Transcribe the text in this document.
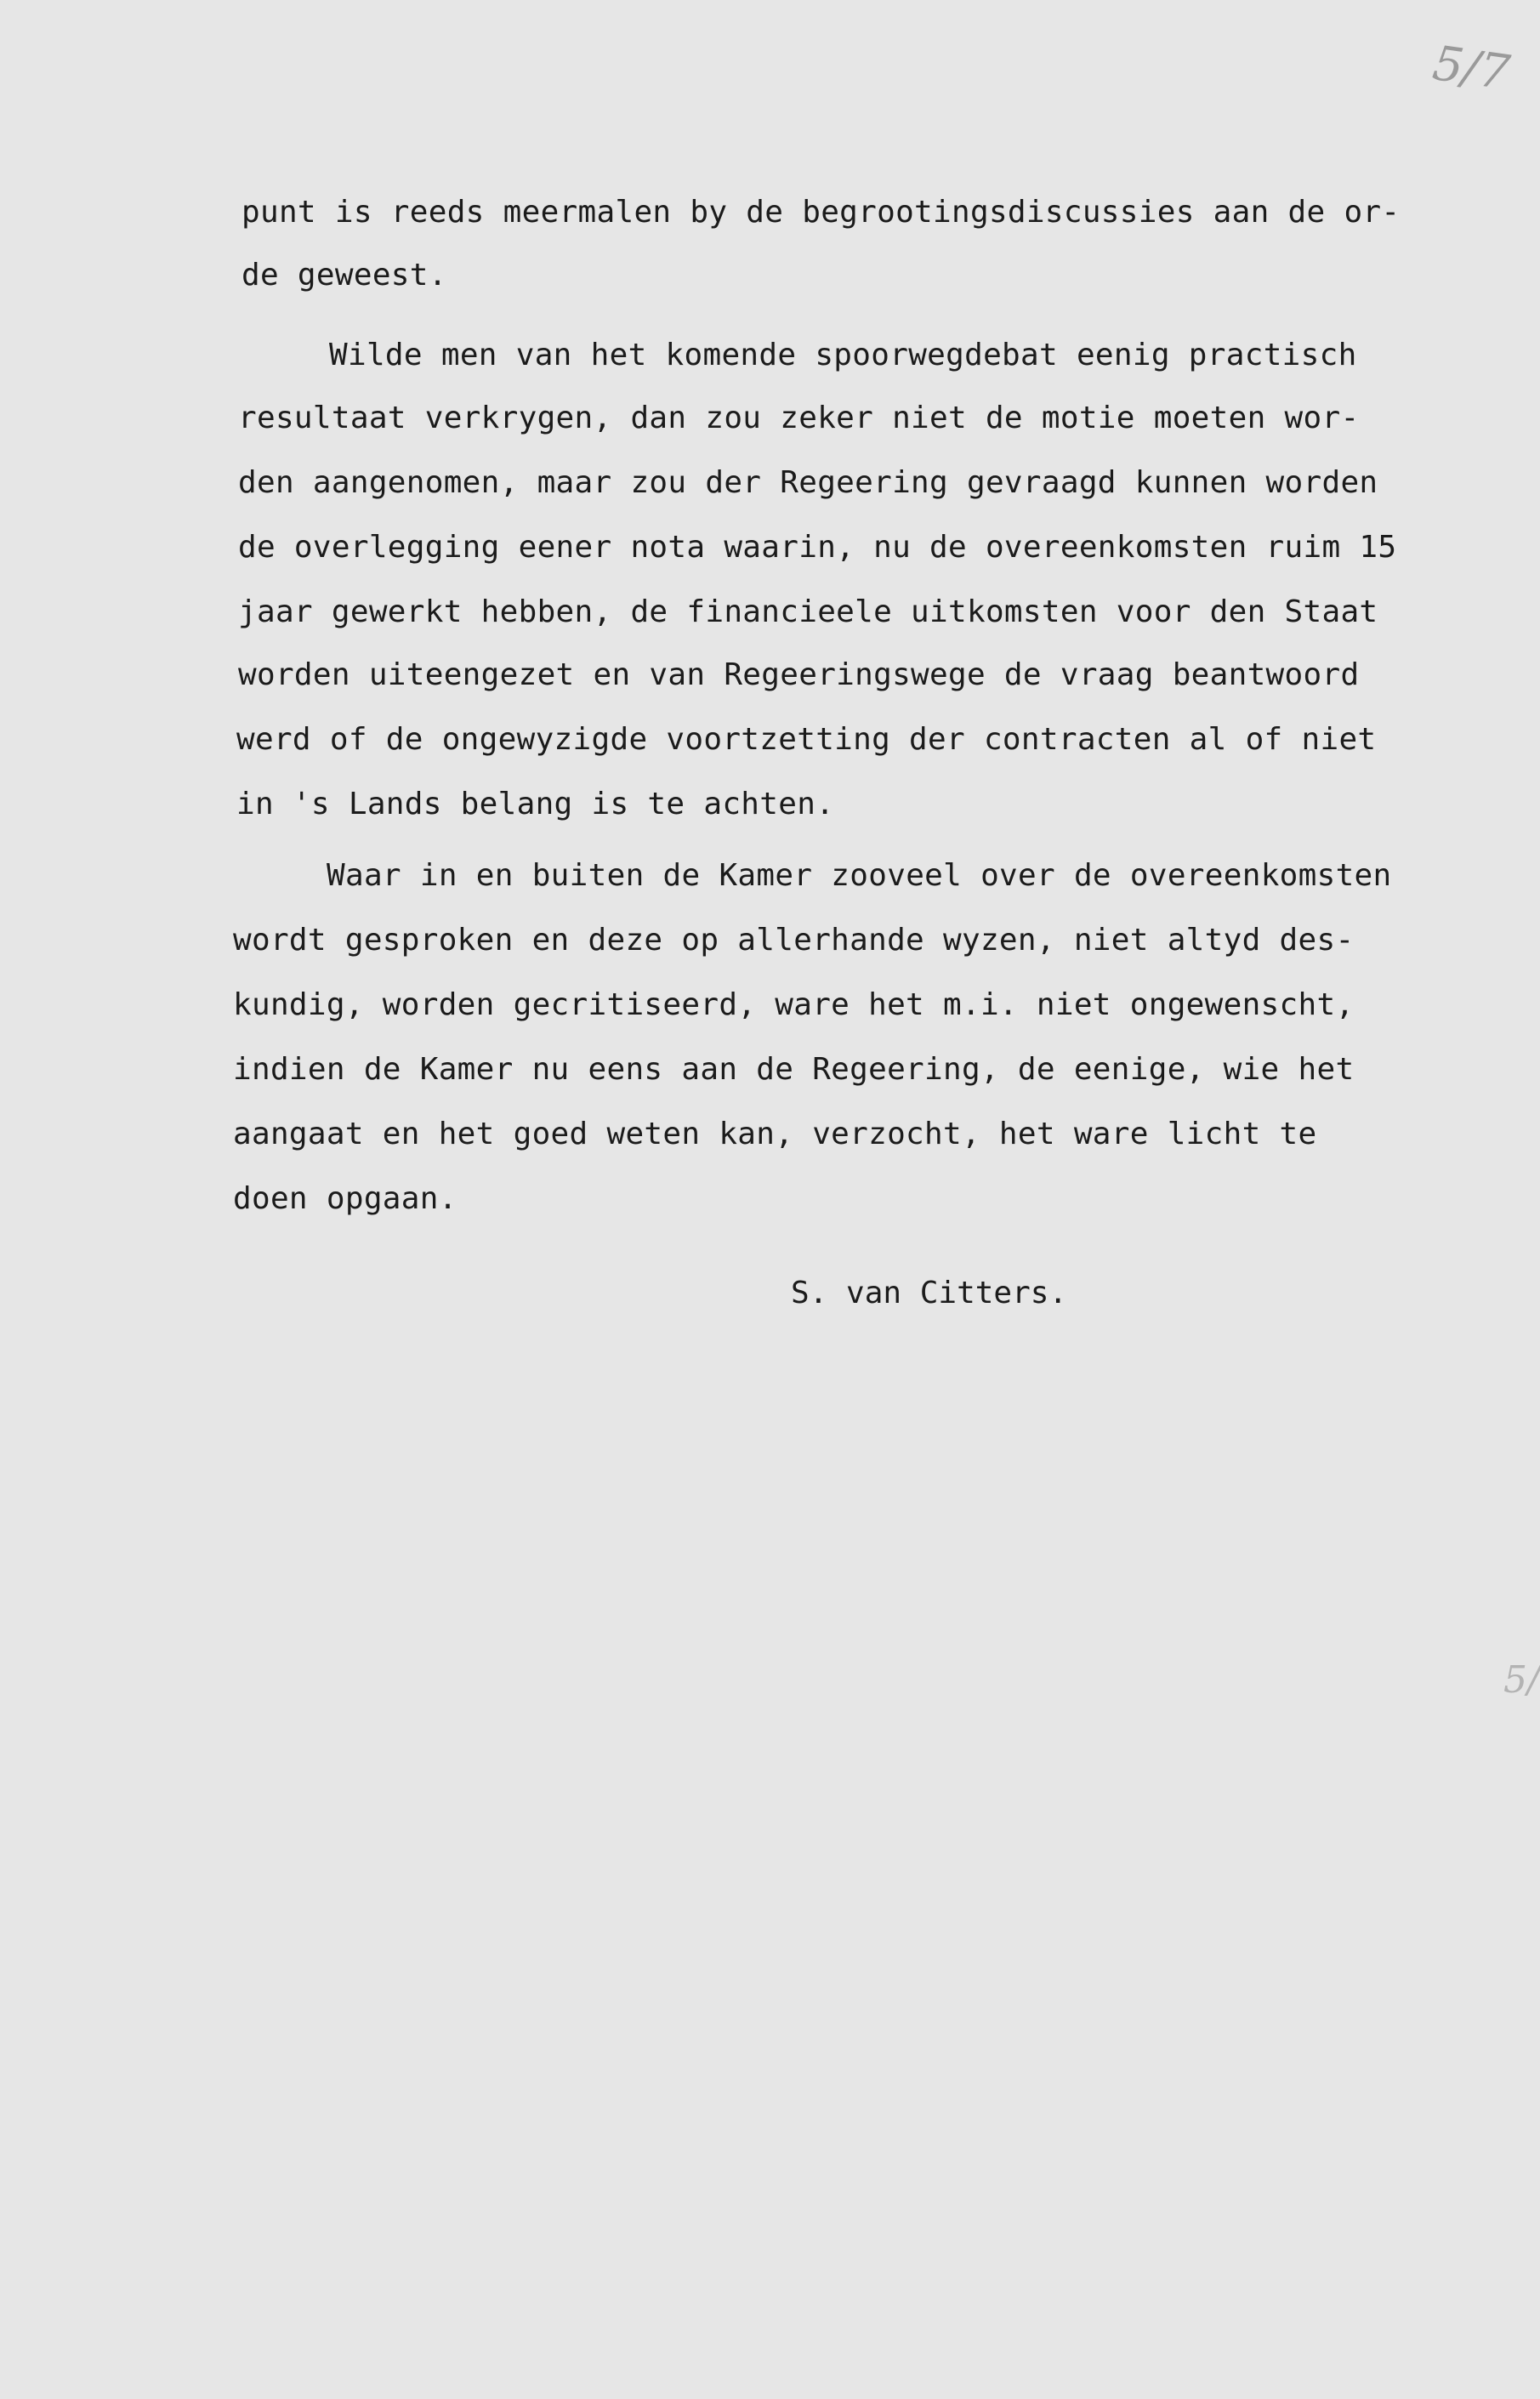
5/7
5/
punt is reeds meermalen by de begrootingsdiscussies aan de or-
de geweest.
Wilde men van het komende spoorwegdebat eenig practisch
resultaat verkrygen, dan zou zeker niet de motie moeten wor-
den aangenomen, maar zou der Regeering gevraagd kunnen worden
de overlegging eener nota waarin, nu de overeenkomsten ruim 15
jaar gewerkt hebben, de financieele uitkomsten voor den Staat
worden uiteengezet en van Regeeringswege de vraag beantwoord
werd of de ongewyzigde voortzetting der contracten al of niet
in 's Lands belang is te achten.
Waar in en buiten de Kamer zooveel over de overeenkomsten
wordt gesproken en deze op allerhande wyzen, niet altyd des-
kundig, worden gecritiseerd, ware het m.i. niet ongewenscht,
indien de Kamer nu eens aan de Regeering, de eenige, wie het
aangaat en het goed weten kan, verzocht, het ware licht te
doen opgaan.
S. van Citters.
